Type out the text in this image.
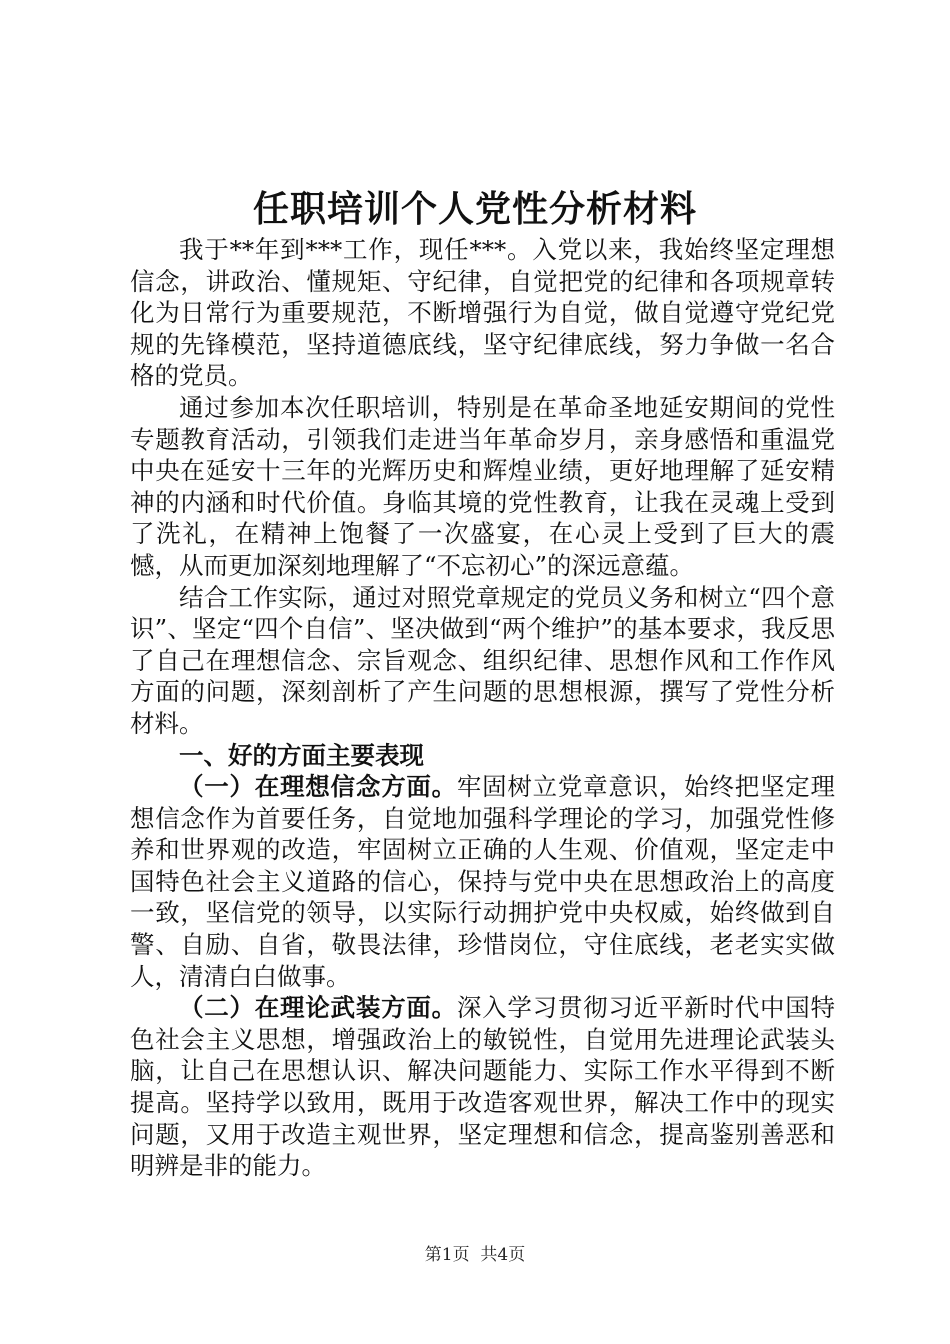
任职培训个人党性分析材料

我于**年到***工作，现任***。入党以来，我始终坚定理想信念，讲政治、懂规矩、守纪律，自觉把党的纪律和各项规章转化为日常行为重要规范，不断增强行为自觉，做自觉遵守党纪党规的先锋模范，坚持道德底线，坚守纪律底线，努力争做一名合格的党员。

通过参加本次任职培训，特别是在革命圣地延安期间的党性专题教育活动，引领我们走进当年革命岁月，亲身感悟和重温党中央在延安十三年的光辉历史和辉煌业绩，更好地理解了延安精神的内涵和时代价值。身临其境的党性教育，让我在灵魂上受到了洗礼，在精神上饱餐了一次盛宴，在心灵上受到了巨大的震憾，从而更加深刻地理解了“不忘初心”的深远意蕴。

结合工作实际，通过对照党章规定的党员义务和树立“四个意识”、坚定“四个自信”、坚决做到“两个维护”的基本要求，我反思了自己在理想信念、宗旨观念、组织纪律、思想作风和工作作风方面的问题，深刻剖析了产生问题的思想根源，撰写了党性分析材料。

一、好的方面主要表现

（一）在理想信念方面。牢固树立党章意识，始终把坚定理想信念作为首要任务，自觉地加强科学理论的学习，加强党性修养和世界观的改造，牢固树立正确的人生观、价值观，坚定走中国特色社会主义道路的信心，保持与党中央在思想政治上的高度一致，坚信党的领导，以实际行动拥护党中央权威，始终做到自警、自励、自省，敬畏法律，珍惜岗位，守住底线，老老实实做人，清清白白做事。

（二）在理论武装方面。深入学习贯彻习近平新时代中国特色社会主义思想，增强政治上的敏锐性，自觉用先进理论武装头脑，让自己在思想认识、解决问题能力、实际工作水平得到不断提高。坚持学以致用，既用于改造客观世界，解决工作中的现实问题，又用于改造主观世界，坚定理想和信念，提高鉴别善恶和明辨是非的能力。

第1页 共4页
